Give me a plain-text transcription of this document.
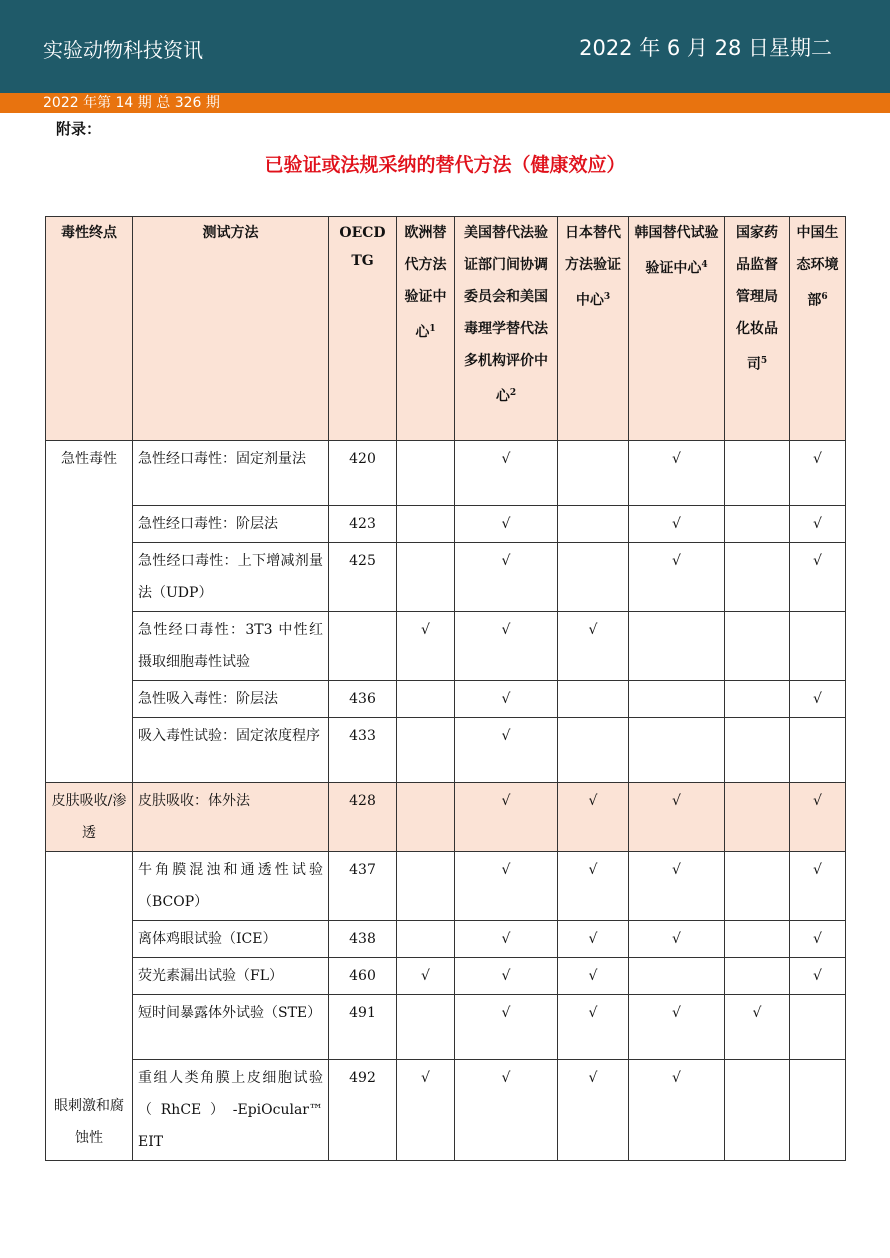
实验动物科技资讯	2022 年 6 月 28 日星期二
2022 年第 14 期 总 326 期
附录：
已验证或法规采纳的替代方法（健康效应）
毒性终点	测试方法	OECD TG	欧洲替代方法验证中心$^1$	美国替代法验证部门间协调委员会和美国毒理学替代法多机构评价中心$^2$	日本替代方法验证中心$^3$	韩国替代试验验证中心$^4$	国家药品监督管理局化妆品司$^5$	中国生态环境部$^6$
急性毒性	急性经口毒性：固定剂量法	420		√		√		√
	急性经口毒性：阶层法	423		√		√		√
	急性经口毒性：上下增减剂量法（UDP）	425		√		√		√
	急性经口毒性：3T3 中性红摄取细胞毒性试验		√	√	√			
	急性吸入毒性：阶层法	436		√				√
	吸入毒性试验：固定浓度程序	433		√				
皮肤吸收/渗透	皮肤吸收：体外法	428		√	√	√		√
眼刺激和腐蚀性	牛角膜混浊和通透性试验（BCOP）	437		√	√	√		√
	离体鸡眼试验（ICE）	438		√	√	√		√
	荧光素漏出试验（FL）	460	√	√	√			√
	短时间暴露体外试验（STE）	491		√	√	√	√	
	重组人类角膜上皮细胞试验（RhCE）-EpiOcular™ EIT	492	√	√	√	√		
